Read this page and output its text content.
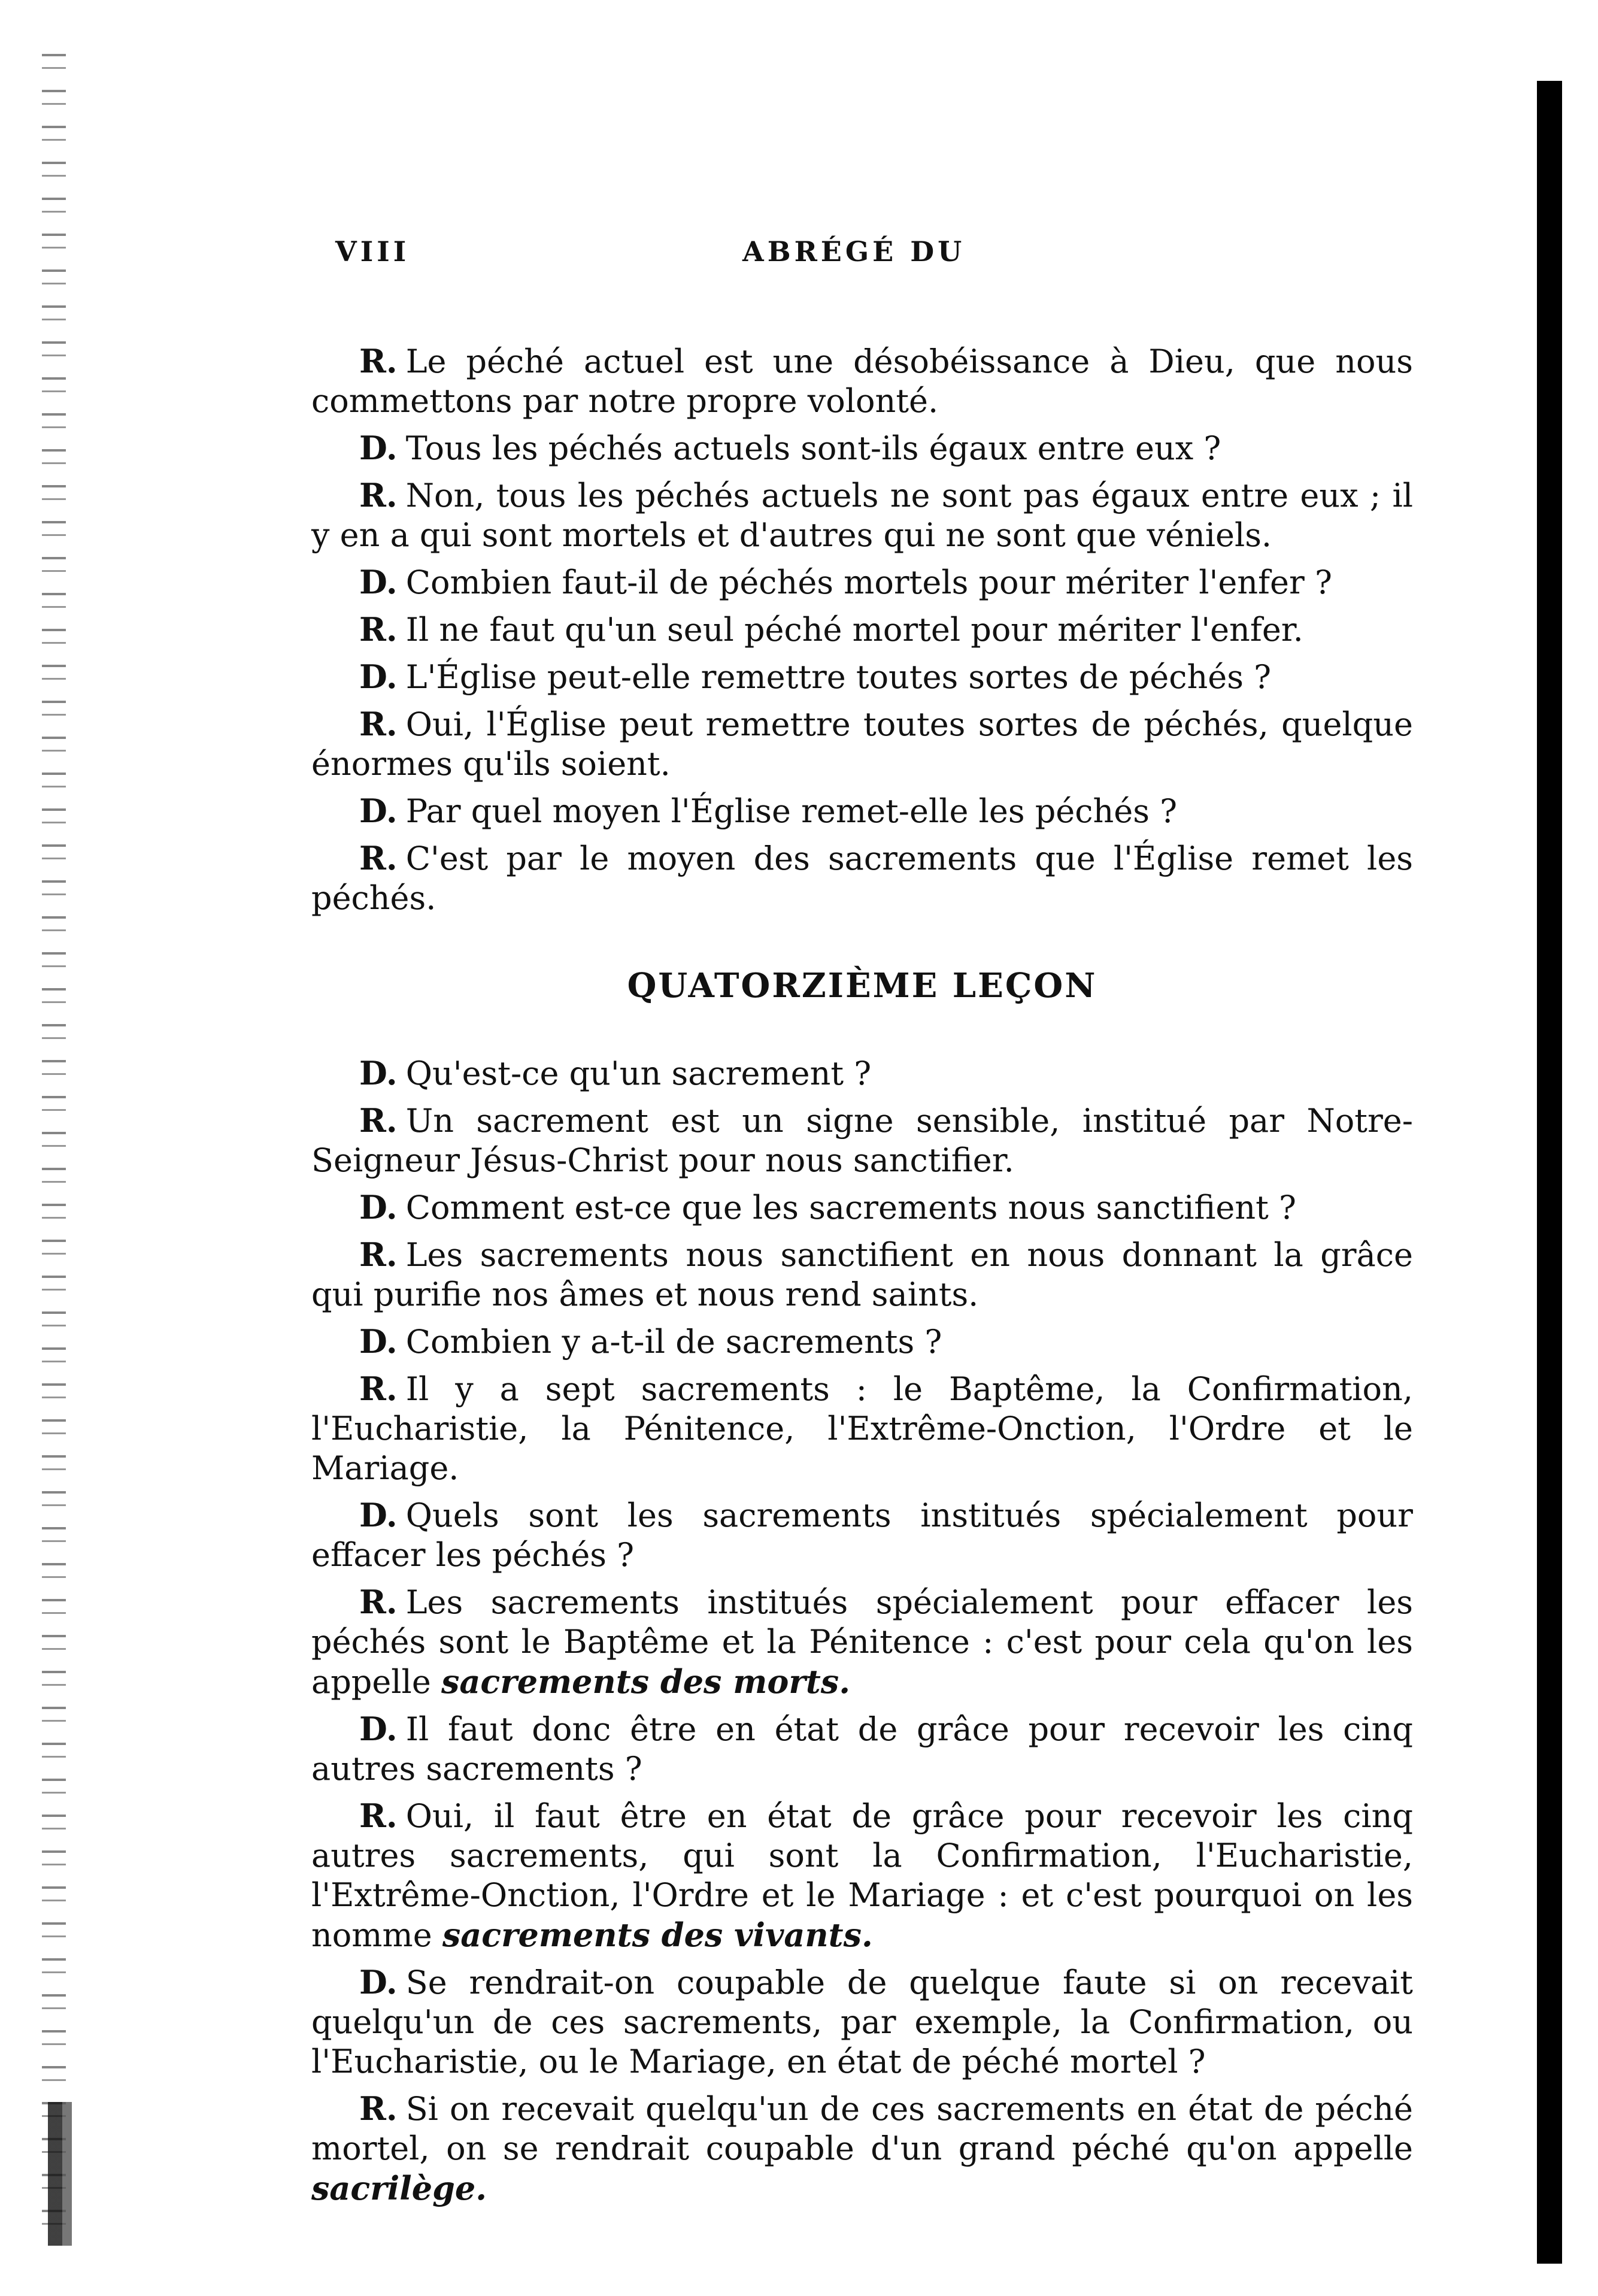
VIII	ABRÉGÉ DU

R. Le péché actuel est une désobéissance à Dieu, que nous commettons par notre propre volonté.

D. Tous les péchés actuels sont-ils égaux entre eux ?

R. Non, tous les péchés actuels ne sont pas égaux entre eux ; il y en a qui sont mortels et d'autres qui ne sont que véniels.

D. Combien faut-il de péchés mortels pour mériter l'enfer ?

R. Il ne faut qu'un seul péché mortel pour mériter l'enfer.

D. L'Église peut-elle remettre toutes sortes de péchés ?

R. Oui, l'Église peut remettre toutes sortes de péchés, quelque énormes qu'ils soient.

D. Par quel moyen l'Église remet-elle les péchés ?

R. C'est par le moyen des sacrements que l'Église remet les péchés.

QUATORZIÈME LEÇON

D. Qu'est-ce qu'un sacrement ?

R. Un sacrement est un signe sensible, institué par Notre-Seigneur Jésus-Christ pour nous sanctifier.

D. Comment est-ce que les sacrements nous sanctifient ?

R. Les sacrements nous sanctifient en nous donnant la grâce qui purifie nos âmes et nous rend saints.

D. Combien y a-t-il de sacrements ?

R. Il y a sept sacrements : le Baptême, la Confirmation, l'Eucharistie, la Pénitence, l'Extrême-Onction, l'Ordre et le Mariage.

D. Quels sont les sacrements institués spécialement pour effacer les péchés ?

R. Les sacrements institués spécialement pour effacer les péchés sont le Baptême et la Pénitence : c'est pour cela qu'on les appelle sacrements des morts.

D. Il faut donc être en état de grâce pour recevoir les cinq autres sacrements ?

R. Oui, il faut être en état de grâce pour recevoir les cinq autres sacrements, qui sont la Confirmation, l'Eucharistie, l'Extrême-Onction, l'Ordre et le Mariage : et c'est pourquoi on les nomme sacrements des vivants.

D. Se rendrait-on coupable de quelque faute si on recevait quelqu'un de ces sacrements, par exemple, la Confirmation, ou l'Eucharistie, ou le Mariage, en état de péché mortel ?

R. Si on recevait quelqu'un de ces sacrements en état de péché mortel, on se rendrait coupable d'un grand péché qu'on appelle sacrilège.
